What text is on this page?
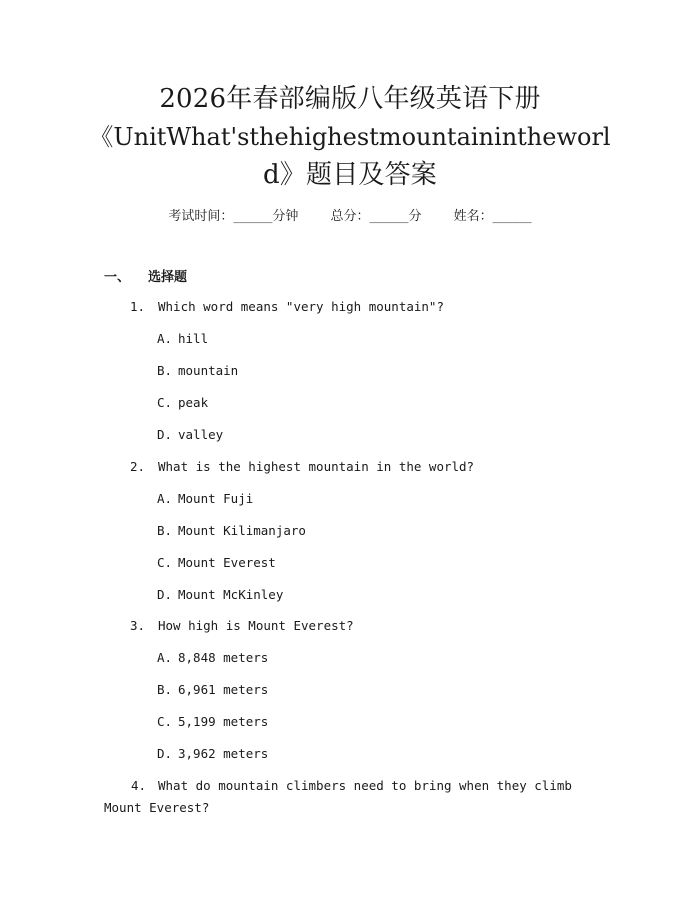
2026年春部编版八年级英语下册
《UnitWhat'sthehighestmountainintheworl
d》题目及答案
考试时间：______分钟 总分：______分 姓名：______
一、 选择题
1. Which word means "very high mountain"?
A. hill
B. mountain
C. peak
D. valley
2. What is the highest mountain in the world?
A. Mount Fuji
B. Mount Kilimanjaro
C. Mount Everest
D. Mount McKinley
3. How high is Mount Everest?
A. 8,848 meters
B. 6,961 meters
C. 5,199 meters
D. 3,962 meters
4. What do mountain climbers need to bring when they climb Mount Everest?
